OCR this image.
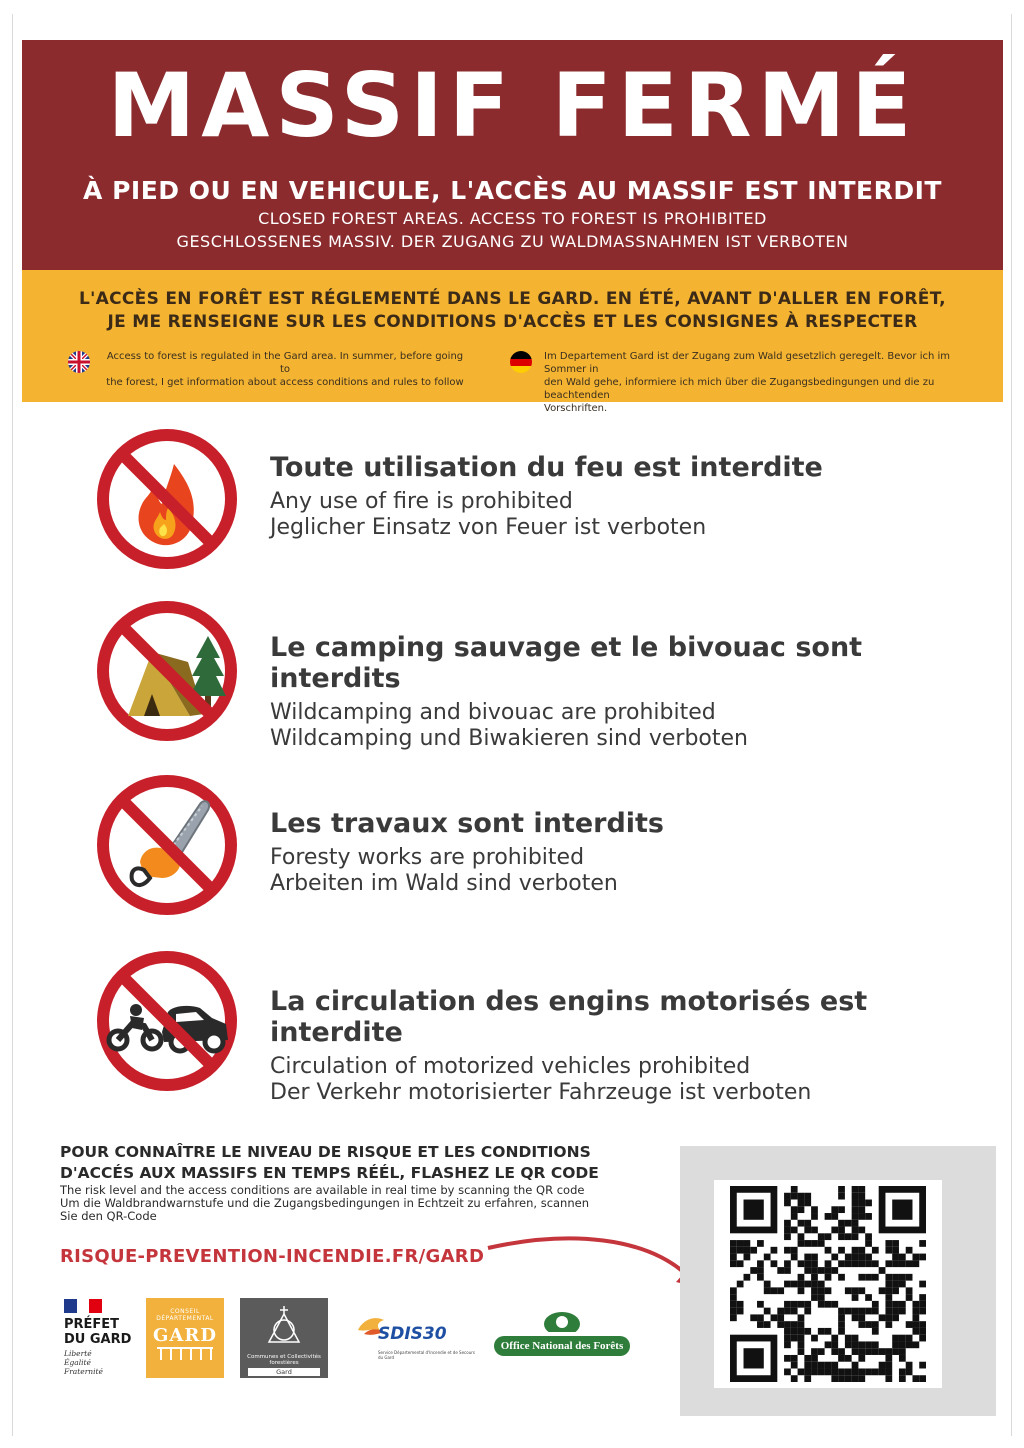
MASSIF FERMÉ
À PIED OU EN VEHICULE, L'ACCÈS AU MASSIF EST INTERDIT
CLOSED FOREST AREAS. ACCESS TO FOREST IS PROHIBITED
GESCHLOSSENES MASSIV. DER ZUGANG ZU WALDMASSNAHMEN IST VERBOTEN
L'ACCÈS EN FORÊT EST RÉGLEMENTÉ DANS LE GARD. EN ÉTÉ, AVANT D'ALLER EN FORÊT,
JE ME RENSEIGNE SUR LES CONDITIONS D'ACCÈS ET LES CONSIGNES À RESPECTER
Access to forest is regulated in the Gard area. In summer, before going to
the forest, I get information about access conditions and rules to follow
Im Departement Gard ist der Zugang zum Wald gesetzlich geregelt. Bevor ich im Sommer in
den Wald gehe, informiere ich mich über die Zugangsbedingungen und die zu beachtenden
Vorschriften.
Toute utilisation du feu est interdite
Any use of fire is prohibited
Jeglicher Einsatz von Feuer ist verboten
Le camping sauvage et le bivouac sont interdits
Wildcamping and bivouac are prohibited
Wildcamping und Biwakieren sind verboten
Les travaux sont interdits
Foresty works are prohibited
Arbeiten im Wald sind verboten
La circulation des engins motorisés est interdite
Circulation of motorized vehicles prohibited
Der Verkehr motorisierter Fahrzeuge ist verboten
POUR CONNAÎTRE LE NIVEAU DE RISQUE ET LES CONDITIONS
D'ACCÉS AUX MASSIFS EN TEMPS RÉÉL, FLASHEZ LE QR CODE
The risk level and the access conditions are available in real time by scanning the QR code
Um die Waldbrandwarnstufe und die Zugangsbedingungen in Echtzeit zu erfahren, scannen
Sie den QR-Code
RISQUE-PREVENTION-INCENDIE.FR/GARD
PRÉFET
DU GARD
Liberté
Égalité
Fraternité
CONSEIL
DÉPARTEMENTAL
GARD
Communes et Collectivités forestières
Gard
SDIS30
Service Départemental d'Incendie et de Secours du Gard
Office National des Forêts
